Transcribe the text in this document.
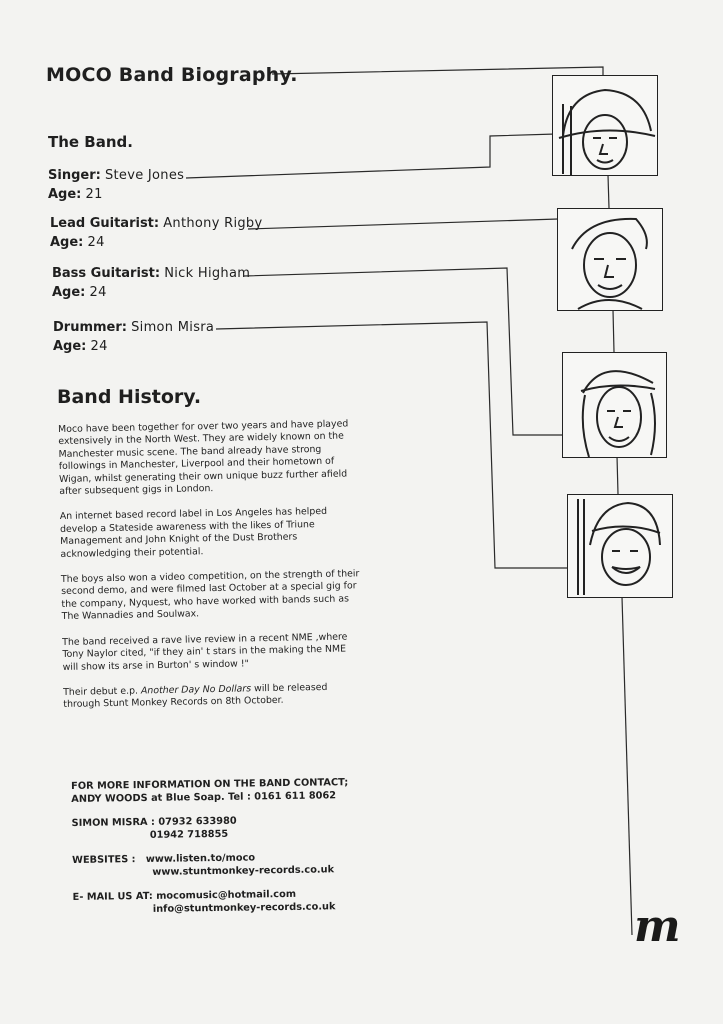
MOCO Band Biography.
The Band.
Singer: Steve Jones
Age: 21
Lead Guitarist: Anthony Rigby
Age: 24
Bass Guitarist: Nick Higham
Age: 24
Drummer: Simon Misra
Age: 24
Band History.

Moco have been together for over two years and have played extensively in the North West. They are widely known on the Manchester music scene. The band already have strong followings in Manchester, Liverpool and their hometown of Wigan, whilst generating their own unique buzz further afield after subsequent gigs in London.

An internet based record label in Los Angeles has helped develop a Stateside awareness with the likes of Triune Management and John Knight of the Dust Brothers acknowledging their potential.

The boys also won a video competition, on the strength of their second demo, and were filmed last October at a special gig for the company, Nyquest, who have worked with bands such as The Wannadies and Soulwax.

The band received a rave live review in a recent NME ,where Tony Naylor cited, "if they ain' t stars in the making the NME will show its arse in Burton' s window !"

Their debut e.p. Another Day No Dollars will be released through Stunt Monkey Records on 8th October.

FOR MORE INFORMATION ON THE BAND CONTACT;
ANDY WOODS at Blue Soap. Tel : 0161 611 8062

SIMON MISRA : 07932 633980
01942 718855

WEBSITES : www.listen.to/moco
www.stuntmonkey-records.co.uk

E- MAIL US AT: mocomusic@hotmail.com
info@stuntmonkey-records.co.uk	m
